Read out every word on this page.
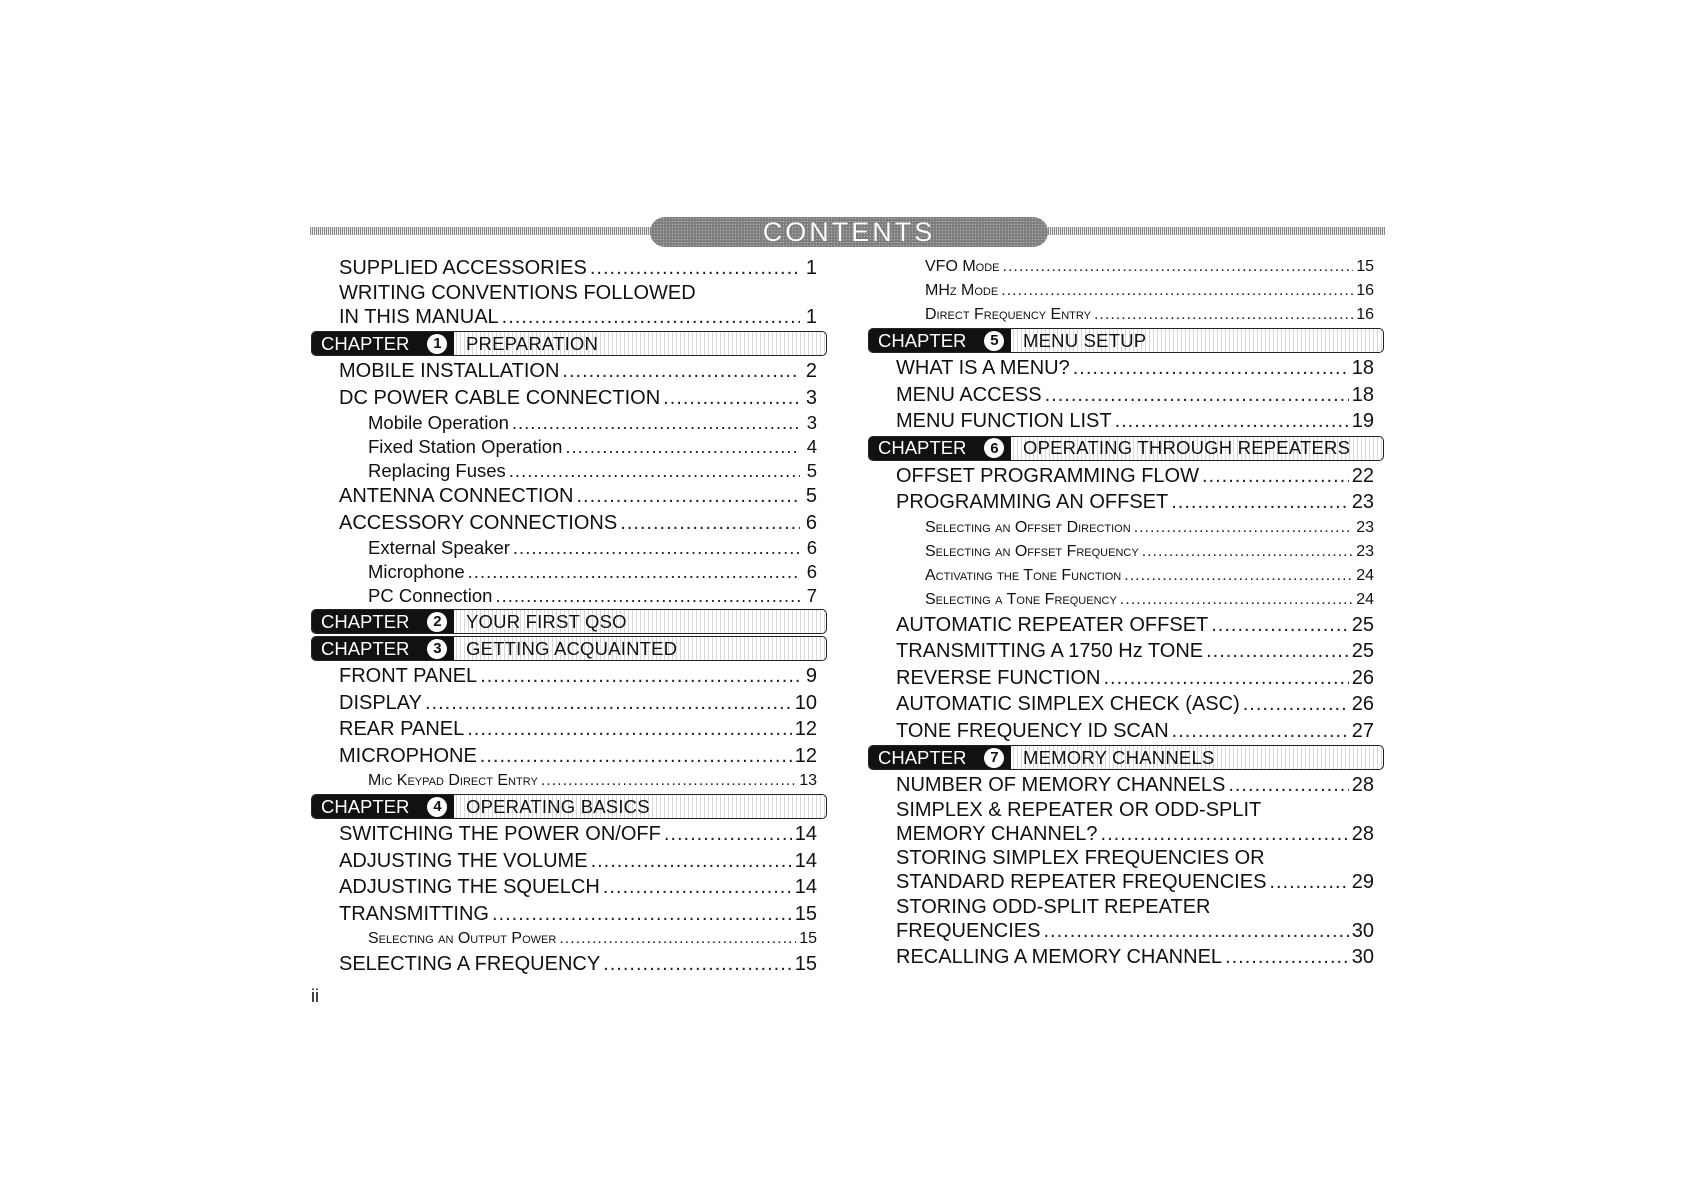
CONTENTS
SUPPLIED ACCESSORIES .....	1
WRITING CONVENTIONS FOLLOWED
IN THIS MANUAL .....	1
CHAPTER	1	PREPARATION
MOBILE INSTALLATION .....	2
DC POWER CABLE CONNECTION .....	3
Mobile Operation .....	3
Fixed Station Operation .....	4
Replacing Fuses .....	5
ANTENNA CONNECTION .....	5
ACCESSORY CONNECTIONS .....	6
External Speaker .....	6
Microphone .....	6
PC Connection .....	7
CHAPTER	2	YOUR FIRST QSO
CHAPTER	3	GETTING ACQUAINTED
FRONT PANEL .....	9
DISPLAY .....	10
REAR PANEL .....	12
MICROPHONE .....	12
Mic Keypad Direct Entry .....	13
CHAPTER	4	OPERATING BASICS
SWITCHING THE POWER ON/OFF .....	14
ADJUSTING THE VOLUME .....	14
ADJUSTING THE SQUELCH .....	14
TRANSMITTING .....	15
Selecting an Output Power .....	15
SELECTING A FREQUENCY .....	15
VFO Mode .....	15
MHz Mode .....	16
Direct Frequency Entry .....	16
CHAPTER	5	MENU SETUP
WHAT IS A MENU? .....	18
MENU ACCESS .....	18
MENU FUNCTION LIST .....	19
CHAPTER	6	OPERATING THROUGH REPEATERS
OFFSET PROGRAMMING FLOW .....	22
PROGRAMMING AN OFFSET .....	23
Selecting an Offset Direction .....	23
Selecting an Offset Frequency .....	23
Activating the Tone Function .....	24
Selecting a Tone Frequency .....	24
AUTOMATIC REPEATER OFFSET .....	25
TRANSMITTING A 1750 Hz TONE .....	25
REVERSE FUNCTION .....	26
AUTOMATIC SIMPLEX CHECK (ASC) .....	26
TONE FREQUENCY ID SCAN .....	27
CHAPTER	7	MEMORY CHANNELS
NUMBER OF MEMORY CHANNELS .....	28
SIMPLEX & REPEATER OR ODD-SPLIT
MEMORY CHANNEL? .....	28
STORING SIMPLEX FREQUENCIES OR
STANDARD REPEATER FREQUENCIES .....	29
STORING ODD-SPLIT REPEATER
FREQUENCIES .....	30
RECALLING A MEMORY CHANNEL .....	30
ii
